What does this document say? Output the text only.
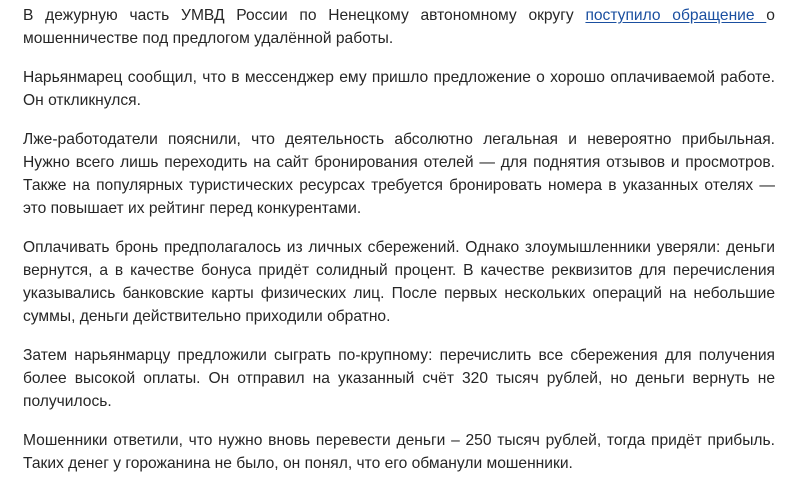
В дежурную часть УМВД России по Ненецкому автономному округу поступило обращение о мошенничестве под предлогом удалённой работы.

Нарьянмарец сообщил, что в мессенджер ему пришло предложение о хорошо оплачиваемой работе. Он откликнулся.

Лже-работодатели пояснили, что деятельность абсолютно легальная и невероятно прибыльная. Нужно всего лишь переходить на сайт бронирования отелей — для поднятия отзывов и просмотров. Также на популярных туристических ресурсах требуется бронировать номера в указанных отелях — это повышает их рейтинг перед конкурентами.

Оплачивать бронь предполагалось из личных сбережений. Однако злоумышленники уверяли: деньги вернутся, а в качестве бонуса придёт солидный процент. В качестве реквизитов для перечисления указывались банковские карты физических лиц. После первых нескольких операций на небольшие суммы, деньги действительно приходили обратно.

Затем нарьянмарцу предложили сыграть по-крупному: перечислить все сбережения для получения более высокой оплаты. Он отправил на указанный счёт 320 тысяч рублей, но деньги вернуть не получилось.

Мошенники ответили, что нужно вновь перевести деньги – 250 тысяч рублей, тогда придёт прибыль. Таких денег у горожанина не было, он понял, что его обманули мошенники.
